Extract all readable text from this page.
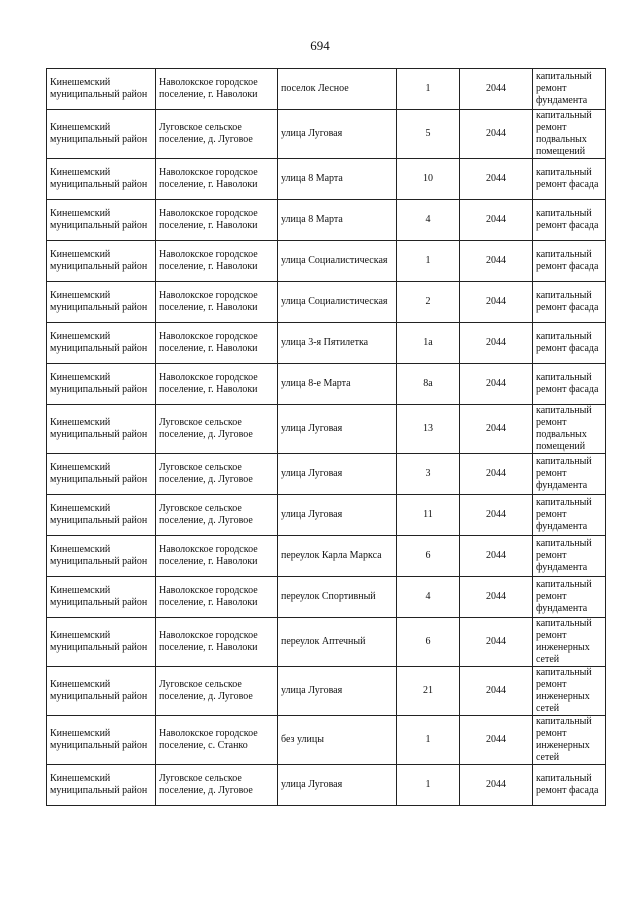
694
Кинешемский муниципальный район	Наволокское городское поселение, г. Наволоки	поселок Лесное	1	2044	капитальный ремонт фундамента

Кинешемский муниципальный район	Луговское сельское поселение, д. Луговое	улица Луговая	5	2044	капитальный ремонт подвальных помещений

Кинешемский муниципальный район	Наволокское городское поселение, г. Наволоки	улица 8 Марта	10	2044	капитальный ремонт фасада

Кинешемский муниципальный район	Наволокское городское поселение, г. Наволоки	улица 8 Марта	4	2044	капитальный ремонт фасада

Кинешемский муниципальный район	Наволокское городское поселение, г. Наволоки	улица Социалистическая	1	2044	капитальный ремонт фасада

Кинешемский муниципальный район	Наволокское городское поселение, г. Наволоки	улица Социалистическая	2	2044	капитальный ремонт фасада

Кинешемский муниципальный район	Наволокское городское поселение, г. Наволоки	улица 3-я Пятилетка	1а	2044	капитальный ремонт фасада

Кинешемский муниципальный район	Наволокское городское поселение, г. Наволоки	улица 8-е Марта	8а	2044	капитальный ремонт фасада

Кинешемский муниципальный район	Луговское сельское поселение, д. Луговое	улица Луговая	13	2044	капитальный ремонт подвальных помещений

Кинешемский муниципальный район	Луговское сельское поселение, д. Луговое	улица Луговая	3	2044	капитальный ремонт фундамента

Кинешемский муниципальный район	Луговское сельское поселение, д. Луговое	улица Луговая	11	2044	капитальный ремонт фундамента

Кинешемский муниципальный район	Наволокское городское поселение, г. Наволоки	переулок Карла Маркса	6	2044	капитальный ремонт фундамента

Кинешемский муниципальный район	Наволокское городское поселение, г. Наволоки	переулок Спортивный	4	2044	капитальный ремонт фундамента

Кинешемский муниципальный район	Наволокское городское поселение, г. Наволоки	переулок Аптечный	6	2044	капитальный ремонт инженерных сетей

Кинешемский муниципальный район	Луговское сельское поселение, д. Луговое	улица Луговая	21	2044	капитальный ремонт инженерных сетей

Кинешемский муниципальный район	Наволокское городское поселение, с. Станко	без улицы	1	2044	капитальный ремонт инженерных сетей

Кинешемский муниципальный район	Луговское сельское поселение, д. Луговое	улица Луговая	1	2044	капитальный ремонт фасада
